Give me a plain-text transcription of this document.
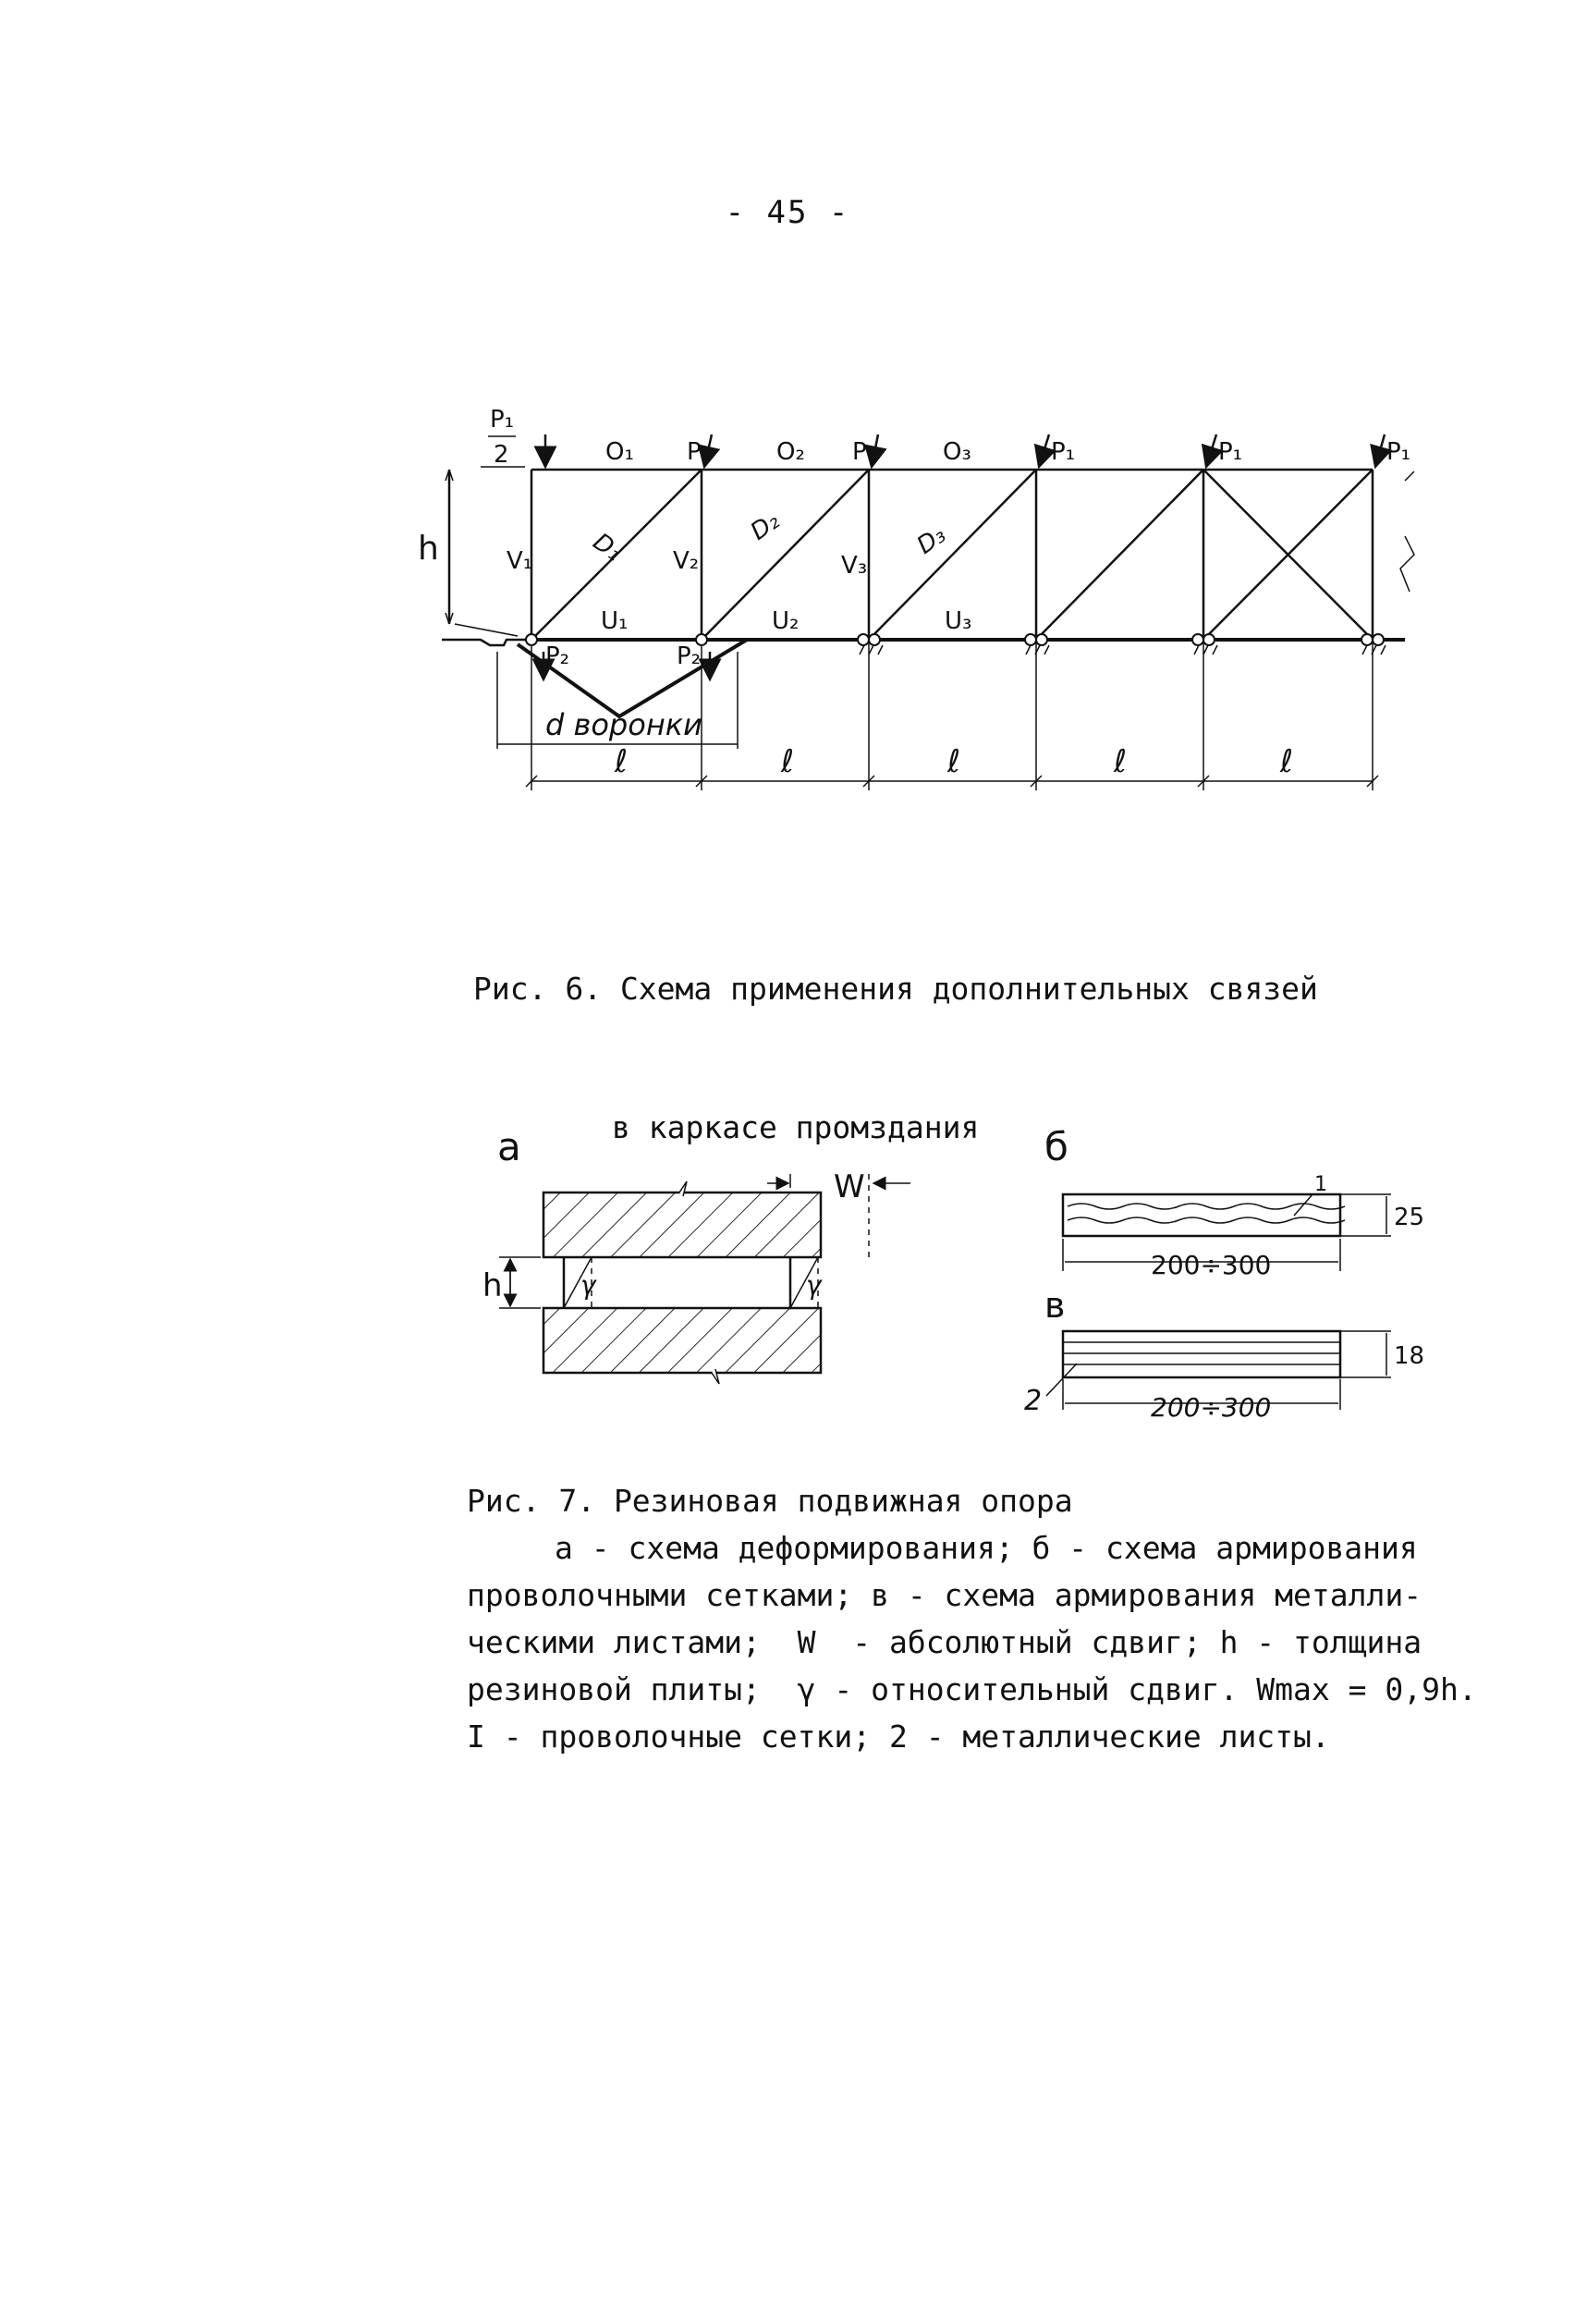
- 45 -
P₁
2
h
O₁	O₂	O₃
P₁	P₁	P₁	P₁	P₁
V₁	V₂	V₃
D₁
D₂	D₃
U₁	U₂	U₃
P₂	P₂
d воронки
ℓ	ℓ	ℓ	ℓ	ℓ

Рис. 6. Схема применения дополнительных связей

в каркасе промздания

а	б
в
W
h	γ	γ
25
18
200÷300
200÷300
1
2
Рис. 7. Резиновая подвижная опора
а - схема деформирования; б - схема армирования
проволочными сетками; в - схема армирования металли-
ческими листами;  W  - абсолютный сдвиг; h - толщина
резиновой плиты;  γ - относительный сдвиг. Wmax = 0,9h.
I - проволочные сетки; 2 - металлические листы.
